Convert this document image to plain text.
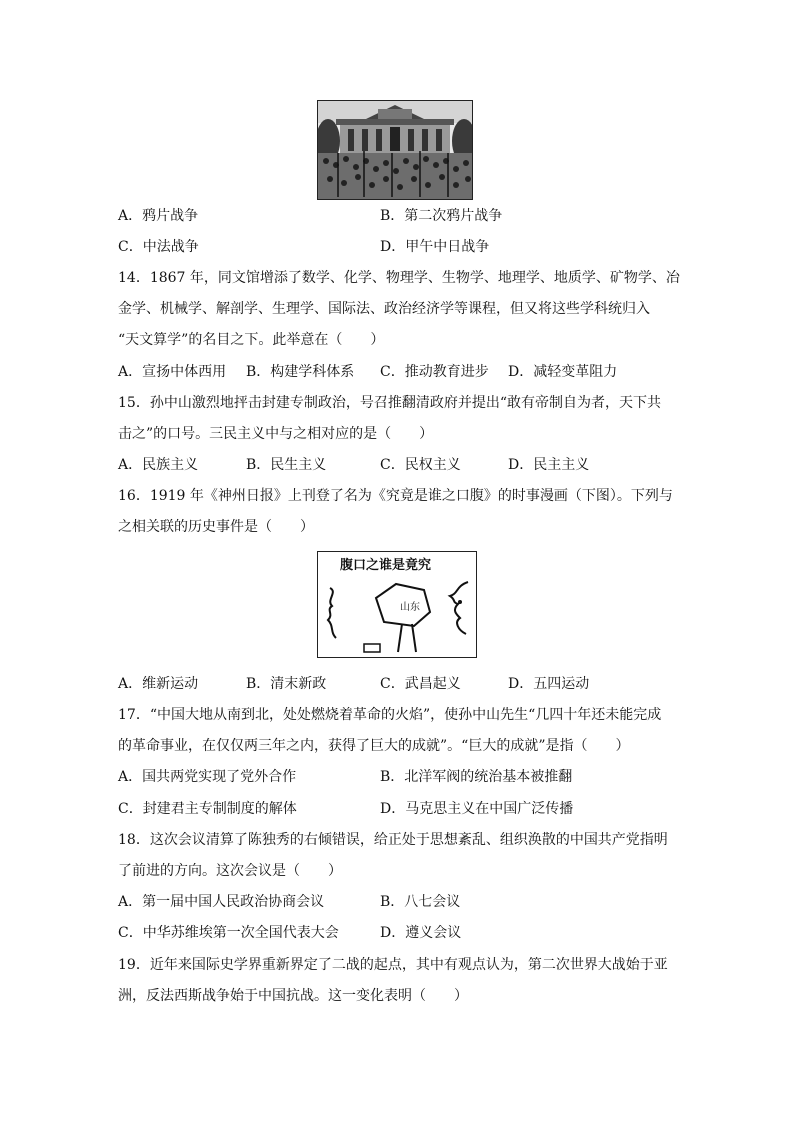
A．鸦片战争	B．第二次鸦片战争
C．中法战争	D．甲午中日战争
14．1867 年，同文馆增添了数学、化学、物理学、生物学、地理学、地质学、矿物学、冶
金学、机械学、解剖学、生理学、国际法、政治经济学等课程，但又将这些学科统归入
“天文算学”的名目之下。此举意在（　　）
A．宣扬中体西用 B．构建学科体系 C．推动教育进步 D．减轻变革阻力
15．孙中山激烈地抨击封建专制政治，号召推翻清政府并提出“敢有帝制自为者，天下共
击之”的口号。三民主义中与之相对应的是（　　）
A．民族主义	B．民生主义	C．民权主义	D．民主主义
16．1919 年《神州日报》上刊登了名为《究竟是谁之口腹》的时事漫画（下图）。下列与
之相关联的历史事件是（　　）
腹口之谁是竟究
山东
A．维新运动	B．清末新政	C．武昌起义	D．五四运动
17．“中国大地从南到北，处处燃烧着革命的火焰”，使孙中山先生“几四十年还未能完成
的革命事业，在仅仅两三年之内，获得了巨大的成就”。“巨大的成就”是指（　　）
A．国共两党实现了党外合作	B．北洋军阀的统治基本被推翻
C．封建君主专制制度的解体	D．马克思主义在中国广泛传播
18．这次会议清算了陈独秀的右倾错误，给正处于思想紊乱、组织涣散的中国共产党指明
了前进的方向。这次会议是（　　）
A．第一届中国人民政治协商会议	B．八七会议
C．中华苏维埃第一次全国代表大会	D．遵义会议
19．近年来国际史学界重新界定了二战的起点，其中有观点认为，第二次世界大战始于亚
洲，反法西斯战争始于中国抗战。这一变化表明（　　）
